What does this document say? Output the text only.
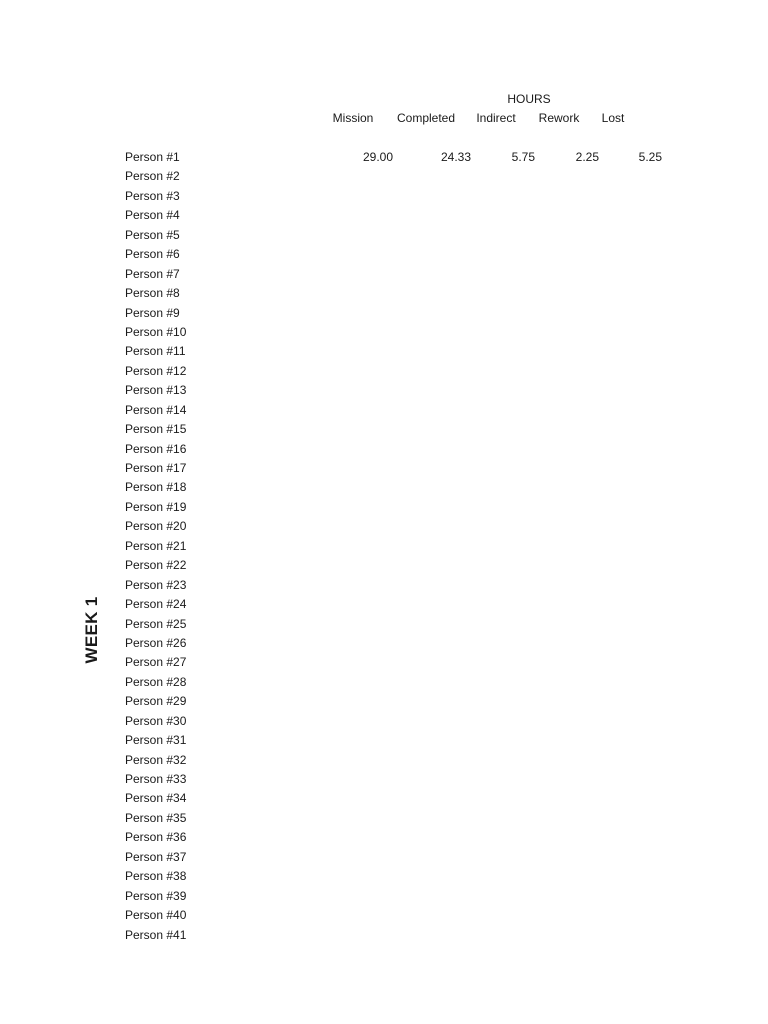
HOURS
Mission	Completed	Indirect	Rework	Lost
WEEK 1
Person #1	29.00	24.33	5.75	2.25	5.25
Person #2
Person #3
Person #4
Person #5
Person #6
Person #7
Person #8
Person #9
Person #10
Person #11
Person #12
Person #13
Person #14
Person #15
Person #16
Person #17
Person #18
Person #19
Person #20
Person #21
Person #22
Person #23
Person #24
Person #25
Person #26
Person #27
Person #28
Person #29
Person #30
Person #31
Person #32
Person #33
Person #34
Person #35
Person #36
Person #37
Person #38
Person #39
Person #40
Person #41
